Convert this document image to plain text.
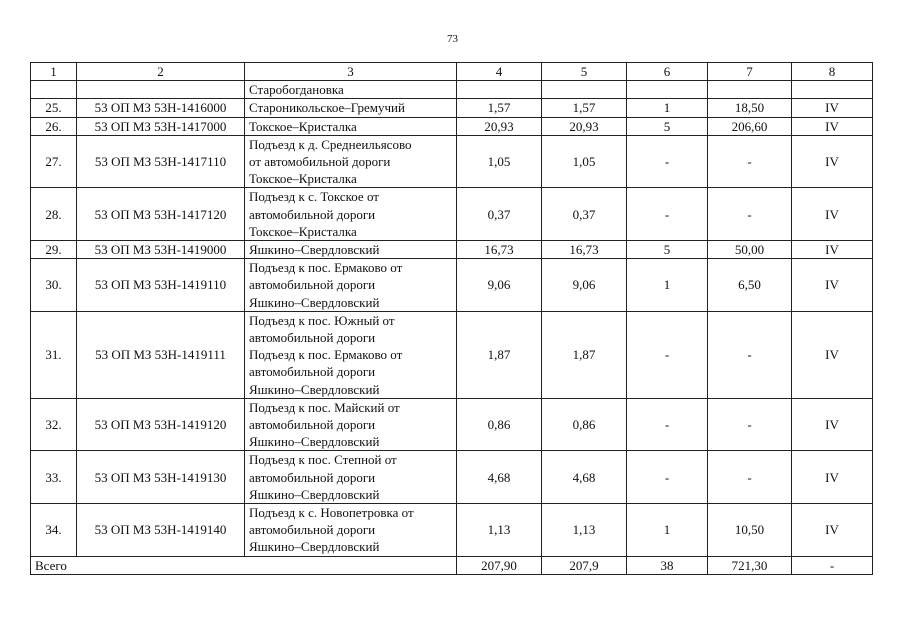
73
1	2	3	4	5	6	7	8

		Старобогдановка					

25.	53 ОП МЗ 53Н-1416000	Староникольское–Гремучий	1,57	1,57	1	18,50	IV
26.	53 ОП МЗ 53Н-1417000	Токское–Кристалка	20,93	20,93	5	206,60	IV
27.	53 ОП МЗ 53Н-1417110	Подъезд к д. Среднеильясово
от автомобильной дороги
Токское–Кристалка	1,05	1,05	-	-	IV
28.	53 ОП МЗ 53Н-1417120	Подъезд к с. Токское от
автомобильной дороги
Токское–Кристалка	0,37	0,37	-	-	IV
29.	53 ОП МЗ 53Н-1419000	Яшкино–Свердловский	16,73	16,73	5	50,00	IV
30.	53 ОП МЗ 53Н-1419110	Подъезд к пос. Ермаково от
автомобильной дороги
Яшкино–Свердловский	9,06	9,06	1	6,50	IV
31.	53 ОП МЗ 53Н-1419111	Подъезд к пос. Южный от
автомобильной дороги
Подъезд к пос. Ермаково от
автомобильной дороги
Яшкино–Свердловский	1,87	1,87	-	-	IV
32.	53 ОП МЗ 53Н-1419120	Подъезд к пос. Майский от
автомобильной дороги
Яшкино–Свердловский	0,86	0,86	-	-	IV
33.	53 ОП МЗ 53Н-1419130	Подъезд к пос. Степной от
автомобильной дороги
Яшкино–Свердловский	4,68	4,68	-	-	IV
34.	53 ОП МЗ 53Н-1419140	Подъезд к с. Новопетровка от
автомобильной дороги
Яшкино–Свердловский	1,13	1,13	1	10,50	IV
Всего			207,90	207,9	38	721,30	-
